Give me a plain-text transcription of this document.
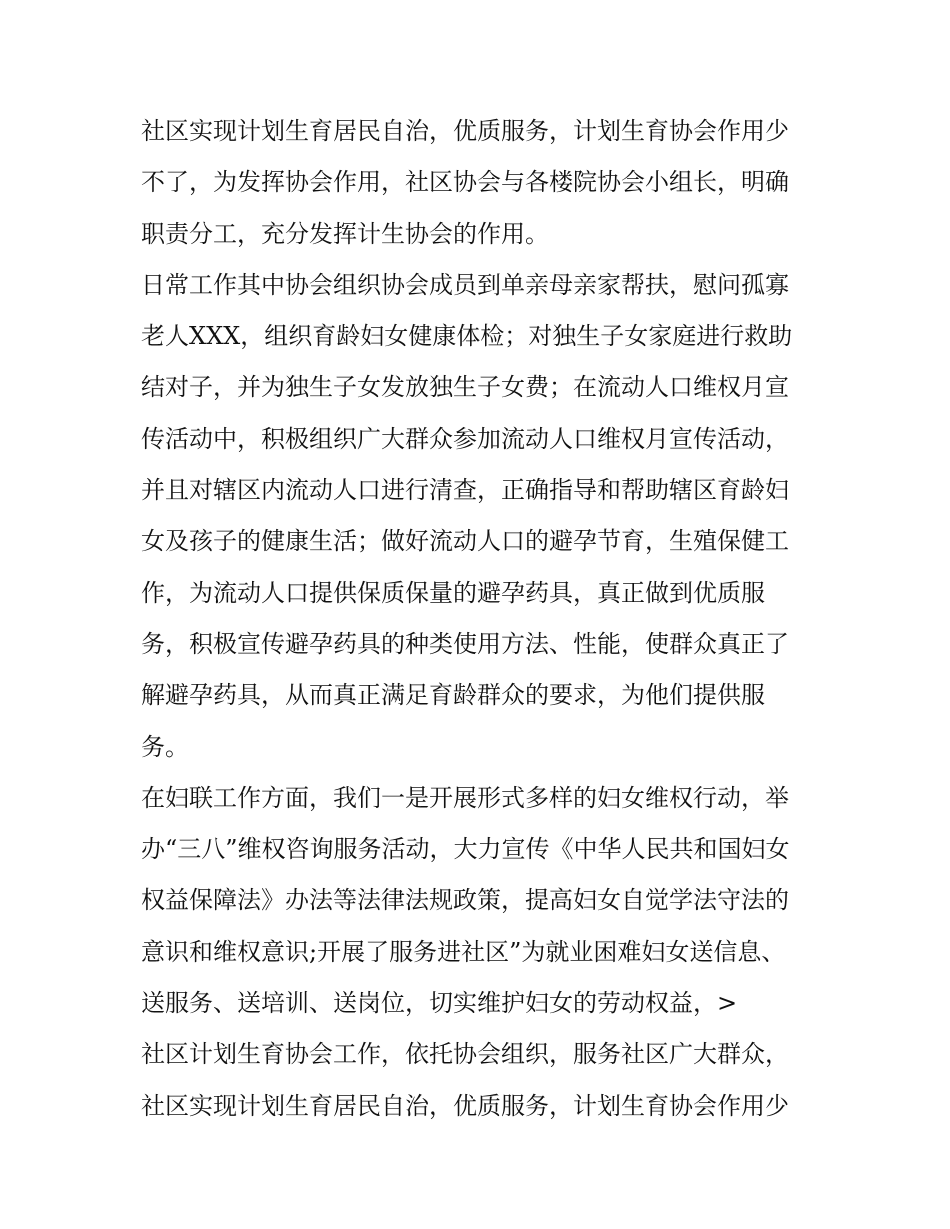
社区实现计划生育居民自治，优质服务，计划生育协会作用少
不了，为发挥协会作用，社区协会与各楼院协会小组长，明确
职责分工，充分发挥计生协会的作用。
日常工作其中协会组织协会成员到单亲母亲家帮扶，慰问孤寡
老人XXX，组织育龄妇女健康体检；对独生子女家庭进行救助
结对子，并为独生子女发放独生子女费；在流动人口维权月宣
传活动中，积极组织广大群众参加流动人口维权月宣传活动，
并且对辖区内流动人口进行清查，正确指导和帮助辖区育龄妇
女及孩子的健康生活；做好流动人口的避孕节育，生殖保健工
作，为流动人口提供保质保量的避孕药具，真正做到优质服
务，积极宣传避孕药具的种类使用方法、性能，使群众真正了
解避孕药具，从而真正满足育龄群众的要求，为他们提供服
务。
在妇联工作方面，我们一是开展形式多样的妇女维权行动，举
办“三八”维权咨询服务活动，大力宣传《中华人民共和国妇女
权益保障法》办法等法律法规政策，提高妇女自觉学法守法的
意识和维权意识;开展了服务进社区”为就业困难妇女送信息、
送服务、送培训、送岗位，切实维护妇女的劳动权益，>
社区计划生育协会工作，依托协会组织，服务社区广大群众，
社区实现计划生育居民自治，优质服务，计划生育协会作用少
